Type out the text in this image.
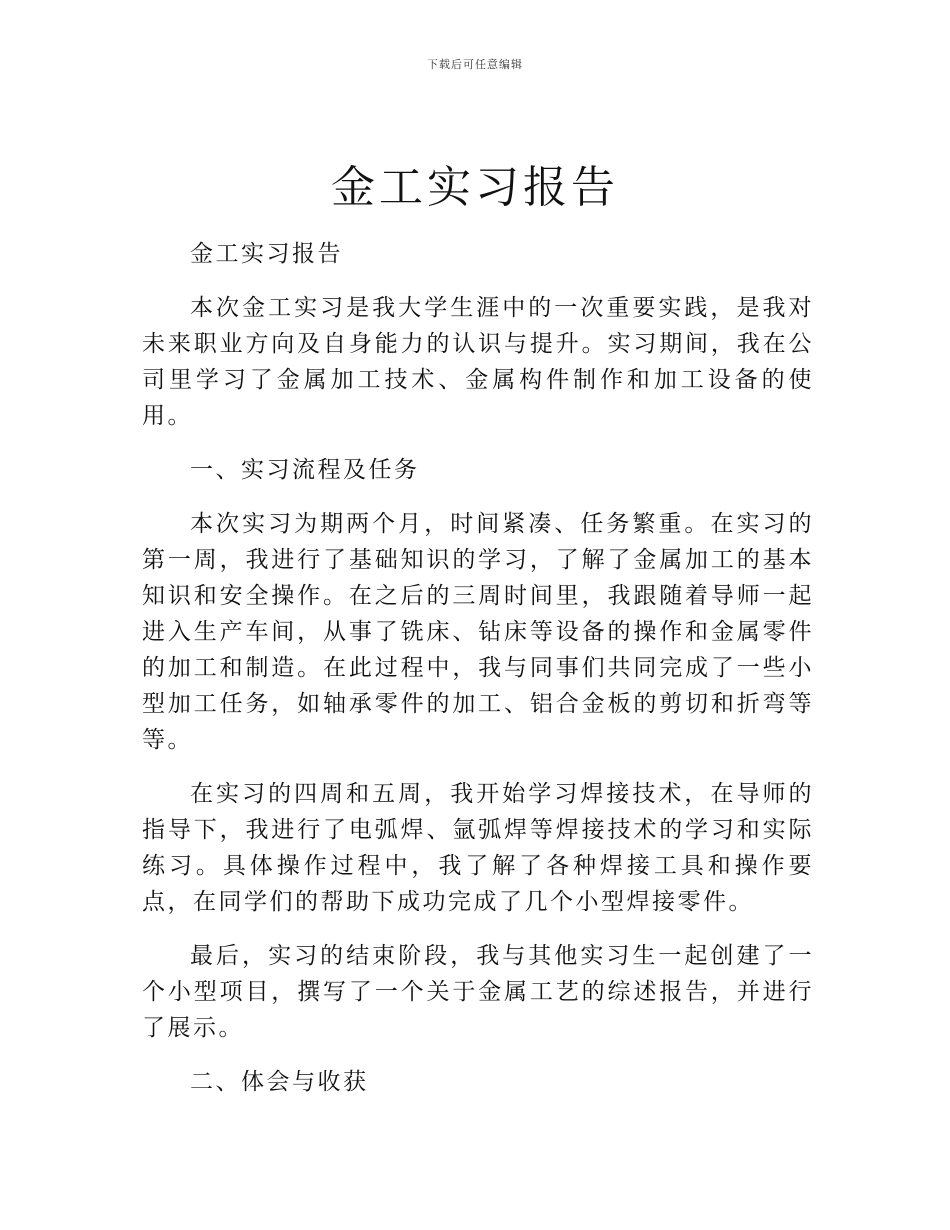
下载后可任意编辑
金工实习报告

金工实习报告

本次金工实习是我大学生涯中的一次重要实践，是我对未来职业方向及自身能力的认识与提升。实习期间，我在公司里学习了金属加工技术、金属构件制作和加工设备的使用。

一、实习流程及任务

本次实习为期两个月，时间紧凑、任务繁重。在实习的第一周，我进行了基础知识的学习，了解了金属加工的基本知识和安全操作。在之后的三周时间里，我跟随着导师一起进入生产车间，从事了铣床、钻床等设备的操作和金属零件的加工和制造。在此过程中，我与同事们共同完成了一些小型加工任务，如轴承零件的加工、铝合金板的剪切和折弯等等。

在实习的四周和五周，我开始学习焊接技术，在导师的指导下，我进行了电弧焊、氩弧焊等焊接技术的学习和实际练习。具体操作过程中，我了解了各种焊接工具和操作要点，在同学们的帮助下成功完成了几个小型焊接零件。

最后，实习的结束阶段，我与其他实习生一起创建了一个小型项目，撰写了一个关于金属工艺的综述报告，并进行了展示。

二、体会与收获
